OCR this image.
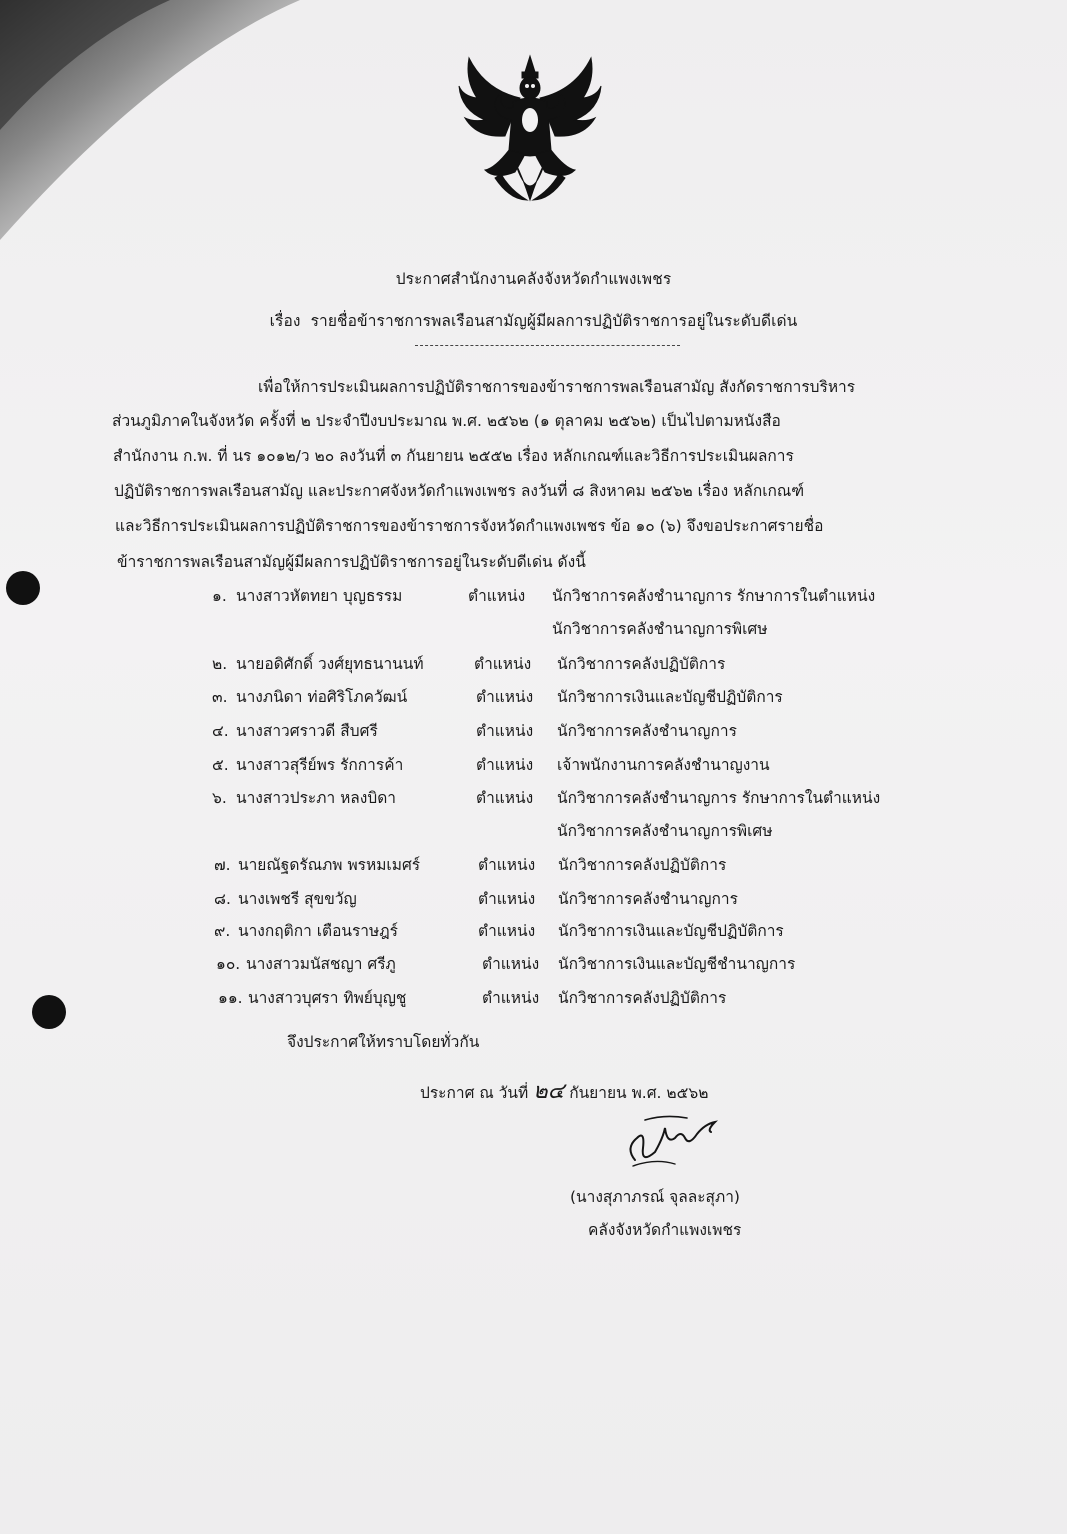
ประกาศสำนักงานคลังจังหวัดกำแพงเพชร
เรื่อง รายชื่อข้าราชการพลเรือนสามัญผู้มีผลการปฏิบัติราชการอยู่ในระดับดีเด่น
เพื่อให้การประเมินผลการปฏิบัติราชการของข้าราชการพลเรือนสามัญ สังกัดราชการบริหาร
ส่วนภูมิภาคในจังหวัด ครั้งที่ ๒ ประจำปีงบประมาณ พ.ศ. ๒๕๖๒ (๑ ตุลาคม ๒๕๖๒) เป็นไปตามหนังสือ
สำนักงาน ก.พ. ที่ นร ๑๐๑๒/ว ๒๐ ลงวันที่ ๓ กันยายน ๒๕๕๒ เรื่อง หลักเกณฑ์และวิธีการประเมินผลการ
ปฏิบัติราชการพลเรือนสามัญ และประกาศจังหวัดกำแพงเพชร ลงวันที่ ๘ สิงหาคม ๒๕๖๒ เรื่อง หลักเกณฑ์
และวิธีการประเมินผลการปฏิบัติราชการของข้าราชการจังหวัดกำแพงเพชร ข้อ ๑๐ (๖) จึงขอประกาศรายชื่อ
ข้าราชการพลเรือนสามัญผู้มีผลการปฏิบัติราชการอยู่ในระดับดีเด่น ดังนี้
๑. นางสาวหัตทยา บุญธรรม	ตำแหน่ง นักวิชาการคลังชำนาญการ รักษาการในตำแหน่ง
นักวิชาการคลังชำนาญการพิเศษ
๒. นายอดิศักดิ์ วงศ์ยุทธนานนท์	ตำแหน่ง นักวิชาการคลังปฏิบัติการ
๓. นางภนิดา ท่อศิริโภควัฒน์	ตำแหน่ง นักวิชาการเงินและบัญชีปฏิบัติการ
๔. นางสาวศราวดี สืบศรี	ตำแหน่ง นักวิชาการคลังชำนาญการ
๕. นางสาวสุรีย์พร รักการค้า	ตำแหน่ง เจ้าพนักงานการคลังชำนาญงาน
๖. นางสาวประภา หลงบิดา	ตำแหน่ง นักวิชาการคลังชำนาญการ รักษาการในตำแหน่ง
นักวิชาการคลังชำนาญการพิเศษ
๗. นายณัฐดรัณภพ พรหมเมศร์	ตำแหน่ง นักวิชาการคลังปฏิบัติการ
๘. นางเพชรี สุขขวัญ	ตำแหน่ง นักวิชาการคลังชำนาญการ
๙. นางกฤติกา เตือนราษฎร์	ตำแหน่ง นักวิชาการเงินและบัญชีปฏิบัติการ
๑๐. นางสาวมนัสชญา ศรีภู	ตำแหน่ง นักวิชาการเงินและบัญชีชำนาญการ
๑๑. นางสาวบุศรา ทิพย์บุญชู	ตำแหน่ง นักวิชาการคลังปฏิบัติการ
จึงประกาศให้ทราบโดยทั่วกัน
ประกาศ ณ วันที่ ๒๔ กันยายน พ.ศ. ๒๕๖๒
(นางสุภาภรณ์ จุลละสุภา)
คลังจังหวัดกำแพงเพชร
